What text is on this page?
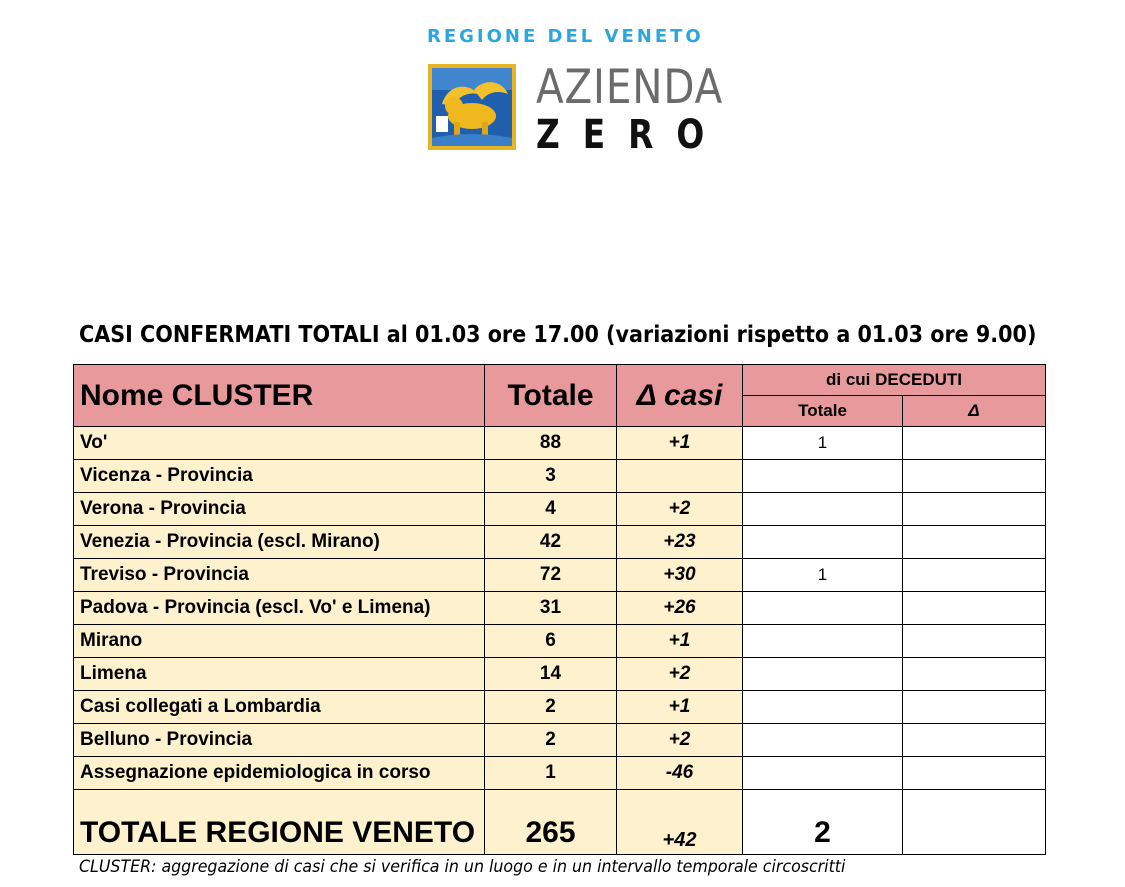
REGIONE DEL VENETO
AZIENDA
ZERO
CASI CONFERMATI TOTALI al 01.03 ore 17.00 (variazioni rispetto a 01.03 ore 9.00)
Nome CLUSTER	Totale	Δ casi	di cui DECEDUTI	
			Totale	Δ
Vo'	88	+1	1	
Vicenza - Provincia	3			
Verona - Provincia	4	+2		
Venezia - Provincia (escl. Mirano)	42	+23		
Treviso - Provincia	72	+30	1	
Padova - Provincia (escl. Vo' e Limena)	31	+26		
Mirano	6	+1		
Limena	14	+2		
Casi collegati a Lombardia	2	+1		
Belluno - Provincia	2	+2		
Assegnazione epidemiologica in corso	1	-46		
TOTALE REGIONE VENETO	265	+42	2	
CLUSTER: aggregazione di casi che si verifica in un luogo e in un intervallo temporale circoscritti
